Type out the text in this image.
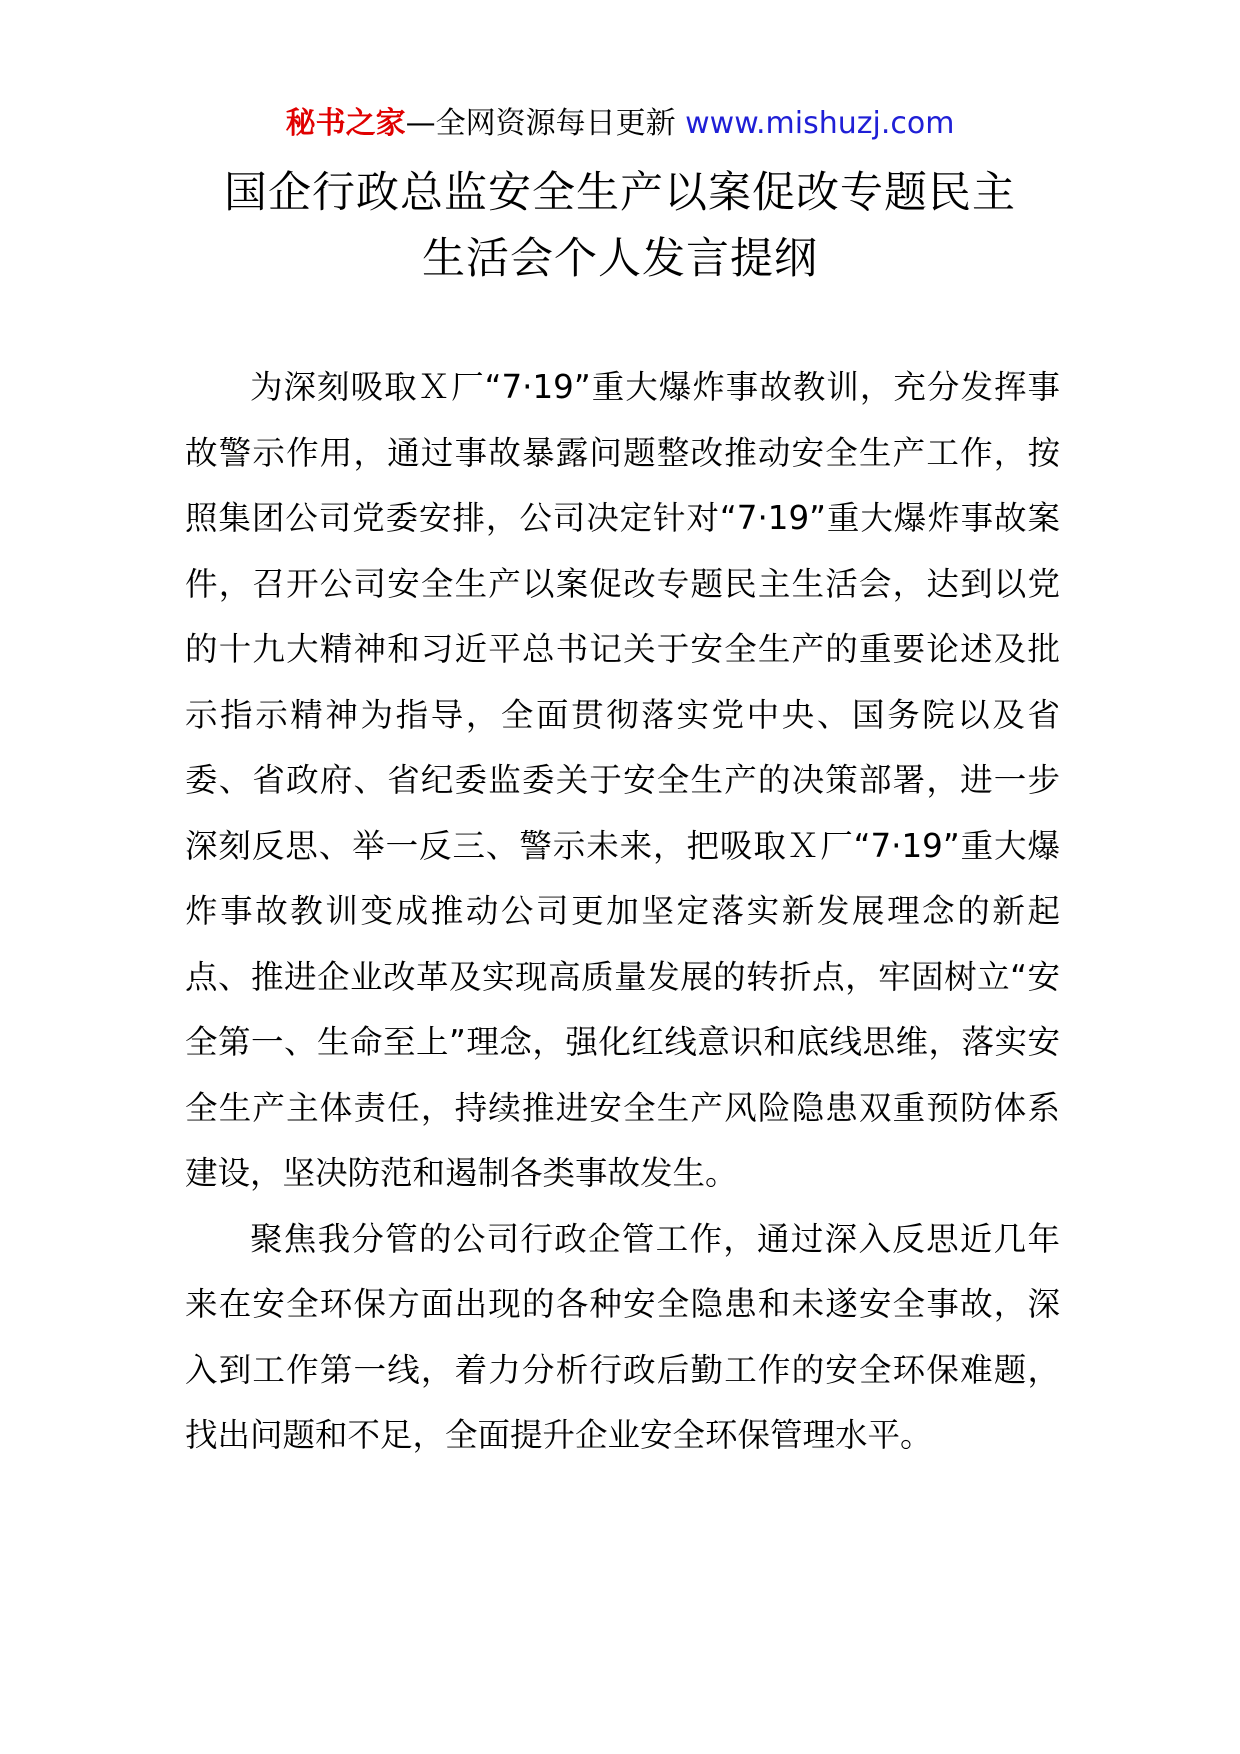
秘书之家—全网资源每日更新 www.mishuzj.com
国企行政总监安全生产以案促改专题民主
生活会个人发言提纲

为深刻吸取Ｘ厂“7·19”重大爆炸事故教训，充分发挥事故警示作用，通过事故暴露问题整改推动安全生产工作，按照集团公司党委安排，公司决定针对“7·19”重大爆炸事故案件，召开公司安全生产以案促改专题民主生活会，达到以党的十九大精神和习近平总书记关于安全生产的重要论述及批示指示精神为指导，全面贯彻落实党中央、国务院以及省委、省政府、省纪委监委关于安全生产的决策部署，进一步深刻反思、举一反三、警示未来，把吸取Ｘ厂“7·19”重大爆炸事故教训变成推动公司更加坚定落实新发展理念的新起点、推进企业改革及实现高质量发展的转折点，牢固树立“安全第一、生命至上”理念，强化红线意识和底线思维，落实安全生产主体责任，持续推进安全生产风险隐患双重预防体系建设，坚决防范和遏制各类事故发生。

聚焦我分管的公司行政企管工作，通过深入反思近几年来在安全环保方面出现的各种安全隐患和未遂安全事故，深入到工作第一线，着力分析行政后勤工作的安全环保难题，找出问题和不足，全面提升企业安全环保管理水平。
